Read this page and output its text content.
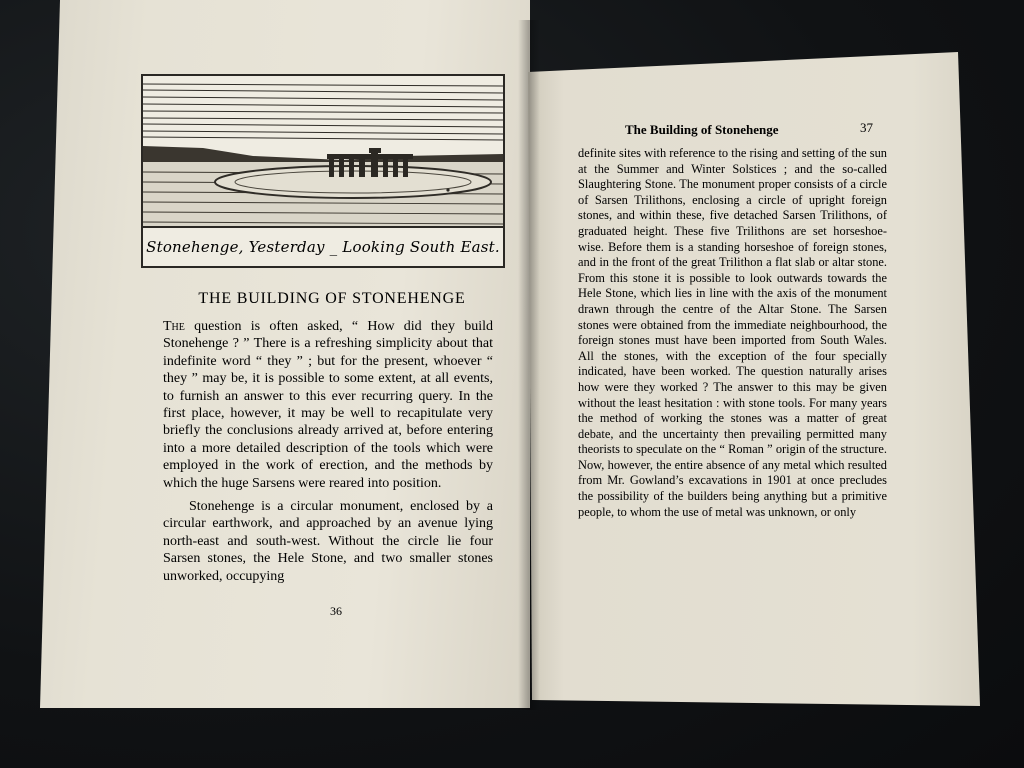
Stonehenge, Yesterday _ Looking South East.
THE BUILDING OF STONEHENGE

The question is often asked, “ How did they build Stonehenge ? ” There is a refreshing simplicity about that indefinite word “ they ” ; but for the present, whoever “ they ” may be, it is possible to some extent, at all events, to furnish an answer to this ever recurring query. In the first place, however, it may be well to recapitulate very briefly the conclusions already arrived at, before entering into a more detailed description of the tools which were employed in the work of erection, and the methods by which the huge Sarsens were reared into position.

Stonehenge is a circular monument, enclosed by a circular earthwork, and approached by an avenue lying north-east and south-west. Without the circle lie four Sarsen stones, the Hele Stone, and two smaller stones unworked, occupying

36
The Building of Stonehenge	37
definite sites with reference to the rising and setting of the sun at the Summer and Winter Solstices ; and the so-called Slaughtering Stone. The monument proper consists of a circle of Sarsen Trilithons, enclosing a circle of upright foreign stones, and within these, five detached Sarsen Trilithons, of graduated height. These five Trilithons are set horseshoe-wise. Before them is a standing horseshoe of foreign stones, and in the front of the great Trilithon a flat slab or altar stone. From this stone it is possible to look outwards towards the Hele Stone, which lies in line with the axis of the monument drawn through the centre of the Altar Stone. The Sarsen stones were obtained from the immediate neighbourhood, the foreign stones must have been imported from South Wales. All the stones, with the exception of the four specially indicated, have been worked. The question naturally arises how were they worked ? The answer to this may be given without the least hesitation : with stone tools. For many years the method of working the stones was a matter of great debate, and the uncertainty then prevailing permitted many theorists to speculate on the “ Roman ” origin of the structure. Now, however, the entire absence of any metal which resulted from Mr. Gowland’s excavations in 1901 at once precludes the possibility of the builders being anything but a primitive people, to whom the use of metal was unknown, or only
